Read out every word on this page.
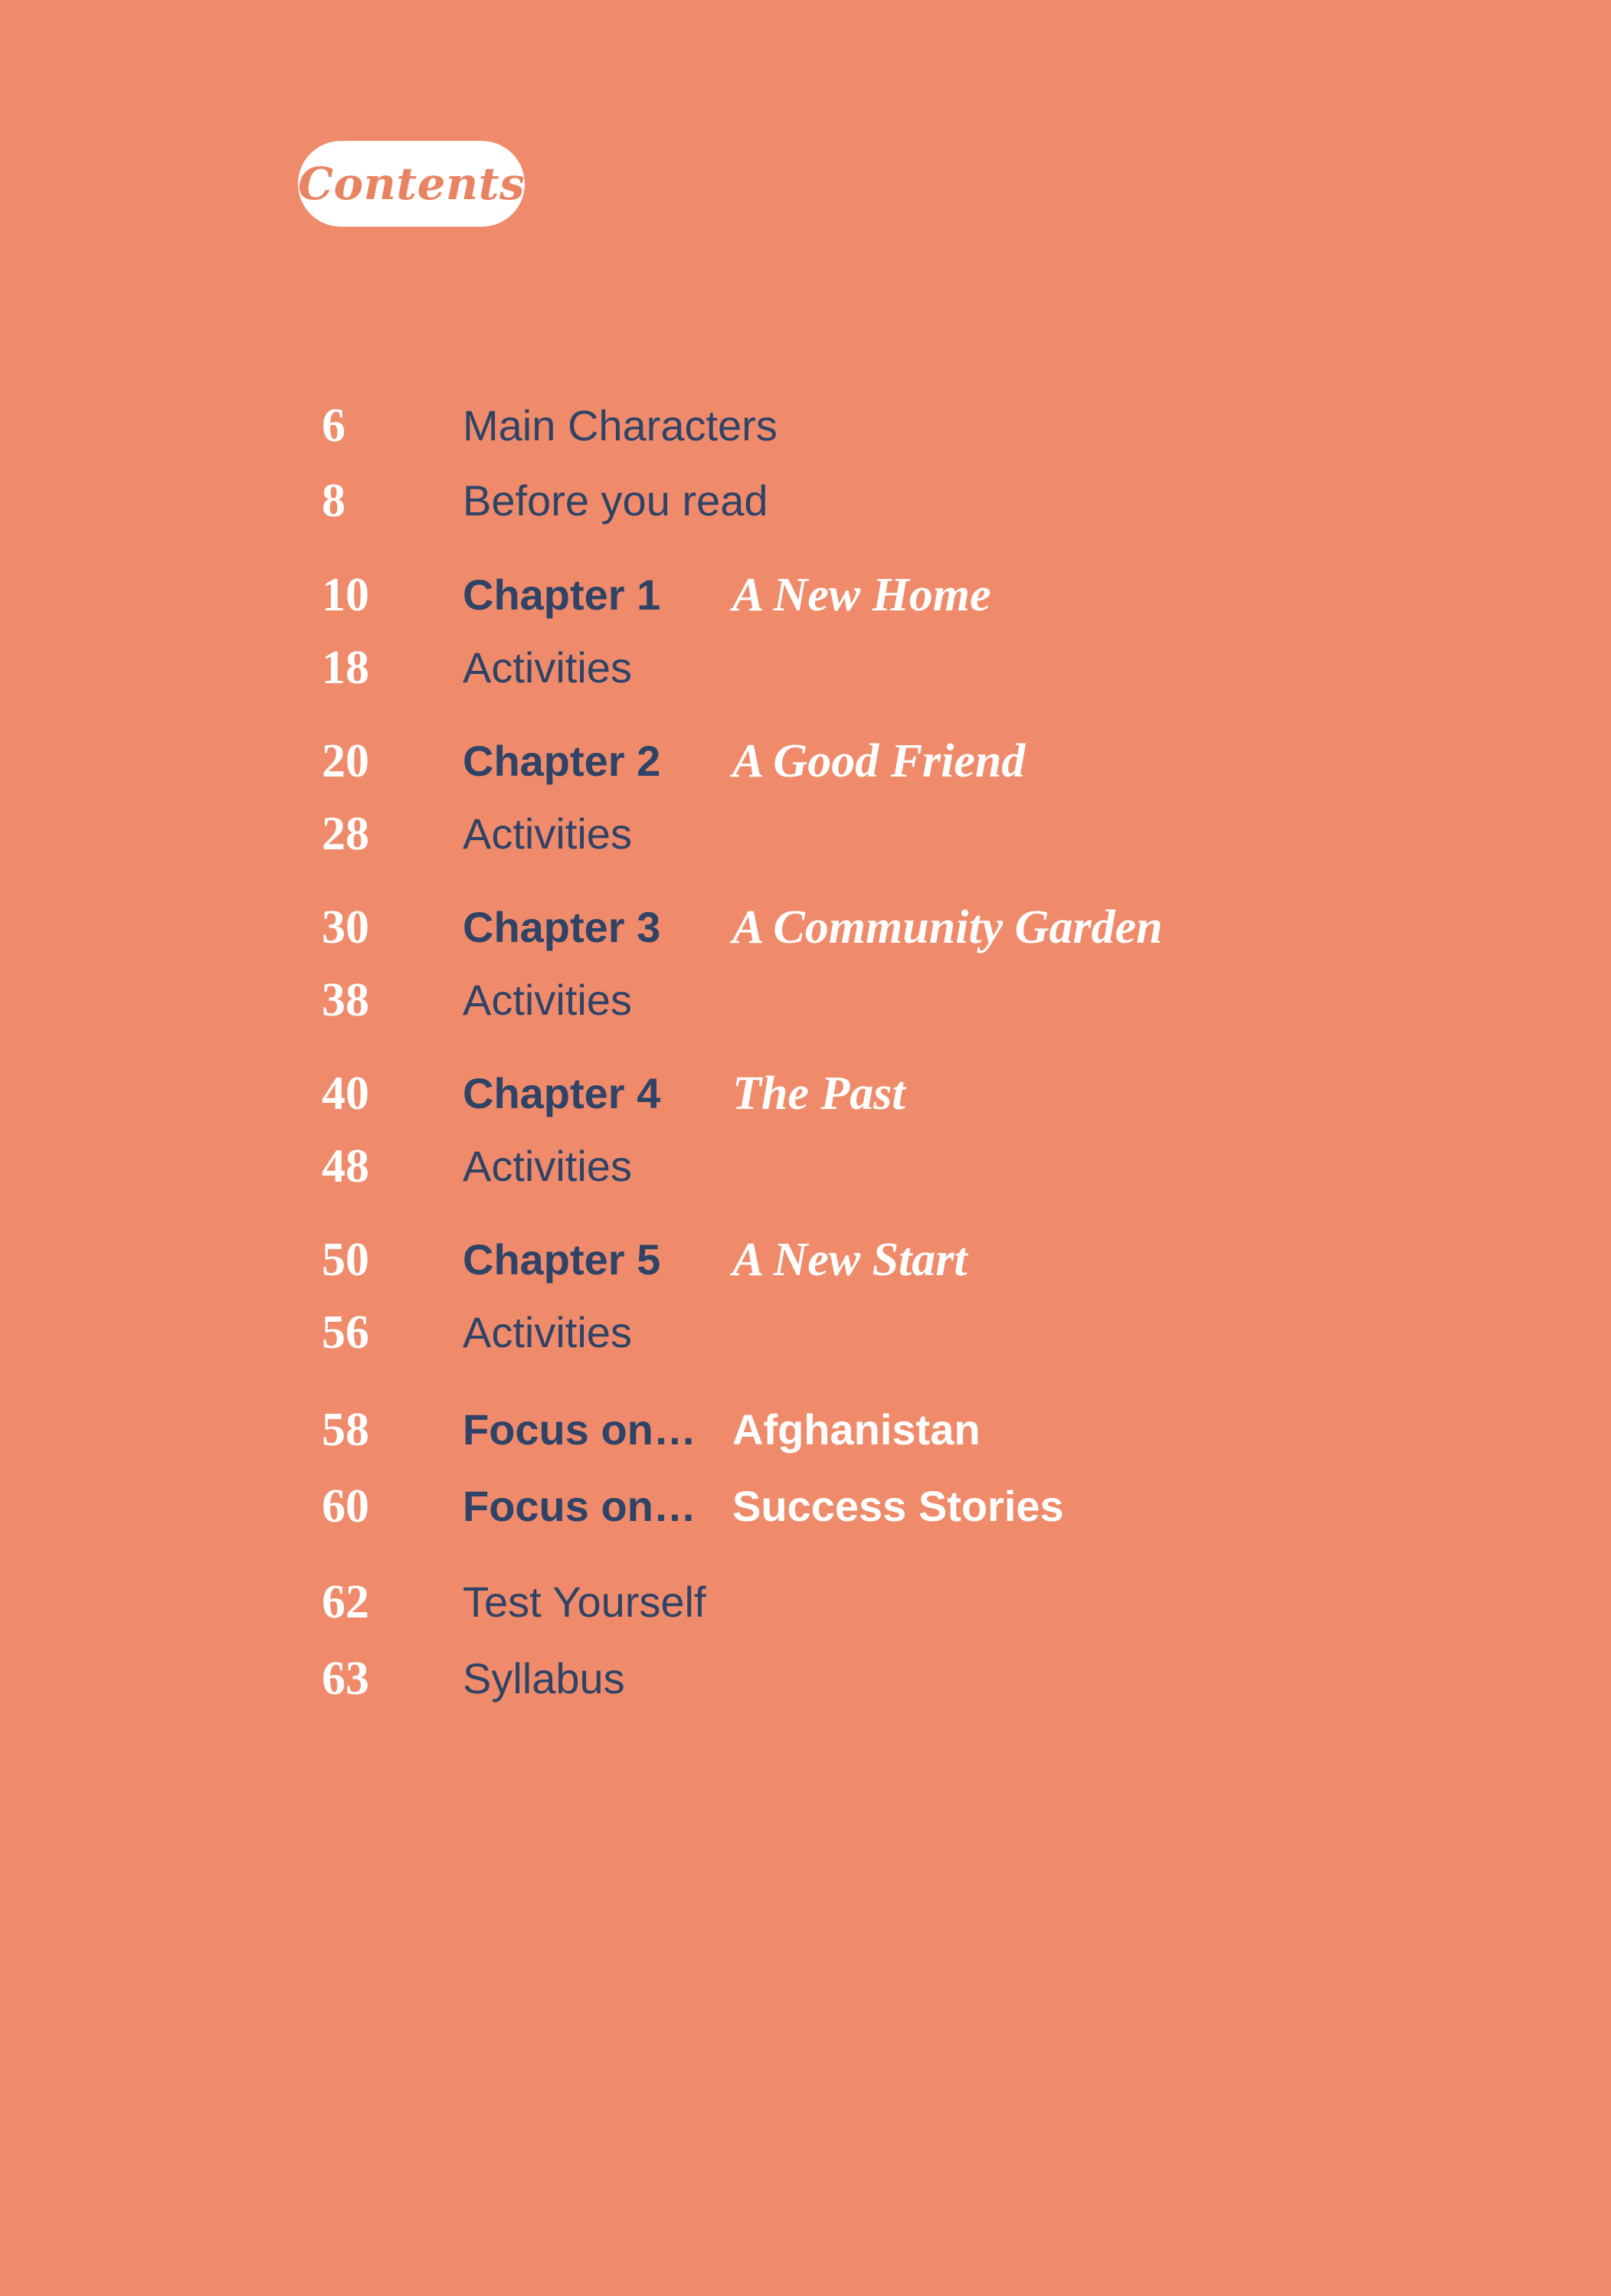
Contents
6	Main Characters
8	Before you read
10 Chapter 1 A New Home
18 Activities
20 Chapter 2 A Good Friend
28 Activities
30 Chapter 3 A Community Garden
38 Activities
40 Chapter 4 The Past
48 Activities
50 Chapter 5 A New Start
56 Activities
58 Focus on… Afghanistan
60 Focus on… Success Stories
62 Test Yourself
63 Syllabus
